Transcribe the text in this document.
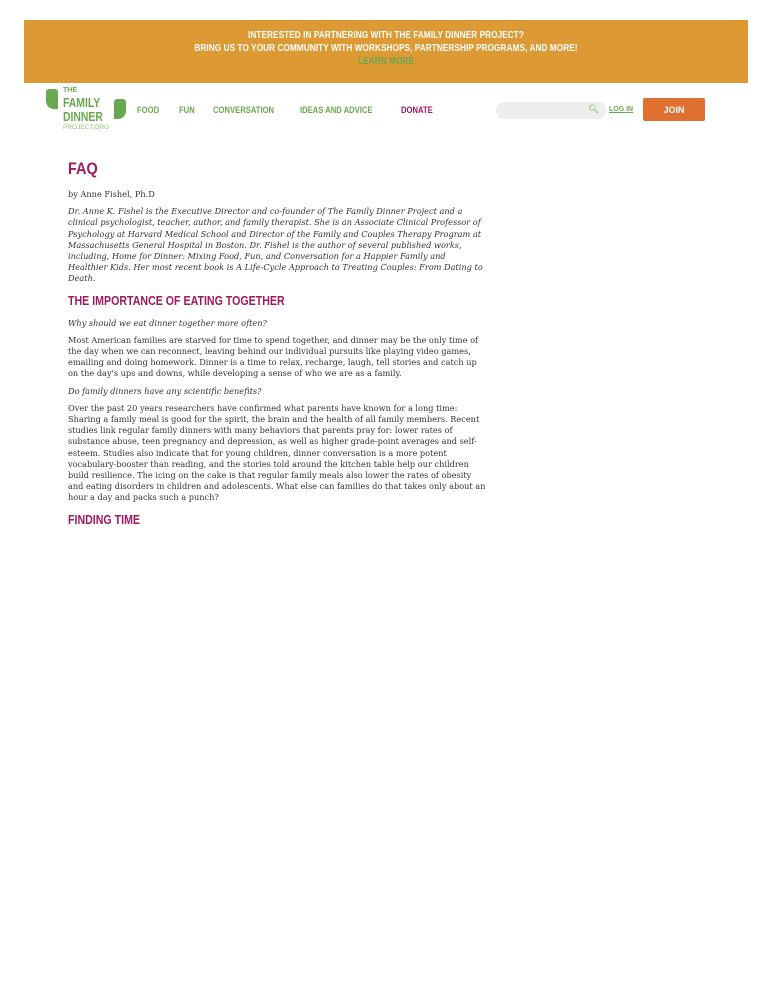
INTERESTED IN PARTNERING WITH THE FAMILY DINNER PROJECT?
BRING US TO YOUR COMMUNITY WITH WORKSHOPS, PARTNERSHIP PROGRAMS, AND MORE!
LEARN MORE
THE
FAMILY
DINNER
PROJECT.ORG
FOOD FUN CONVERSATION	IDEAS AND ADVICE	DONATE	🔍︎ LOG IN	JOIN
FAQ

by Anne Fishel, Ph.D

Dr. Anne K. Fishel is the Executive Director and co-founder of The Family Dinner Project and a clinical psychologist, teacher, author, and family therapist. She is an Associate Clinical Professor of Psychology at Harvard Medical School and Director of the Family and Couples Therapy Program at Massachusetts General Hospital in Boston. Dr. Fishel is the author of several published works, including, Home for Dinner: Mixing Food, Fun, and Conversation for a Happier Family and Healthier Kids. Her most recent book is A Life-Cycle Approach to Treating Couples: From Dating to Death.

THE IMPORTANCE OF EATING TOGETHER

Why should we eat dinner together more often?

Most American families are starved for time to spend together, and dinner may be the only time of the day when we can reconnect, leaving behind our individual pursuits like playing video games, emailing and doing homework. Dinner is a time to relax, recharge, laugh, tell stories and catch up on the day's ups and downs, while developing a sense of who we are as a family.

Do family dinners have any scientific benefits?

Over the past 20 years researchers have confirmed what parents have known for a long time: Sharing a family meal is good for the spirit, the brain and the health of all family members. Recent studies link regular family dinners with many behaviors that parents pray for: lower rates of substance abuse, teen pregnancy and depression, as well as higher grade-point averages and self-esteem. Studies also indicate that for young children, dinner conversation is a more potent vocabulary-booster than reading, and the stories told around the kitchen table help our children build resilience. The icing on the cake is that regular family meals also lower the rates of obesity and eating disorders in children and adolescents. What else can families do that takes only about an hour a day and packs such a punch?

FINDING TIME
